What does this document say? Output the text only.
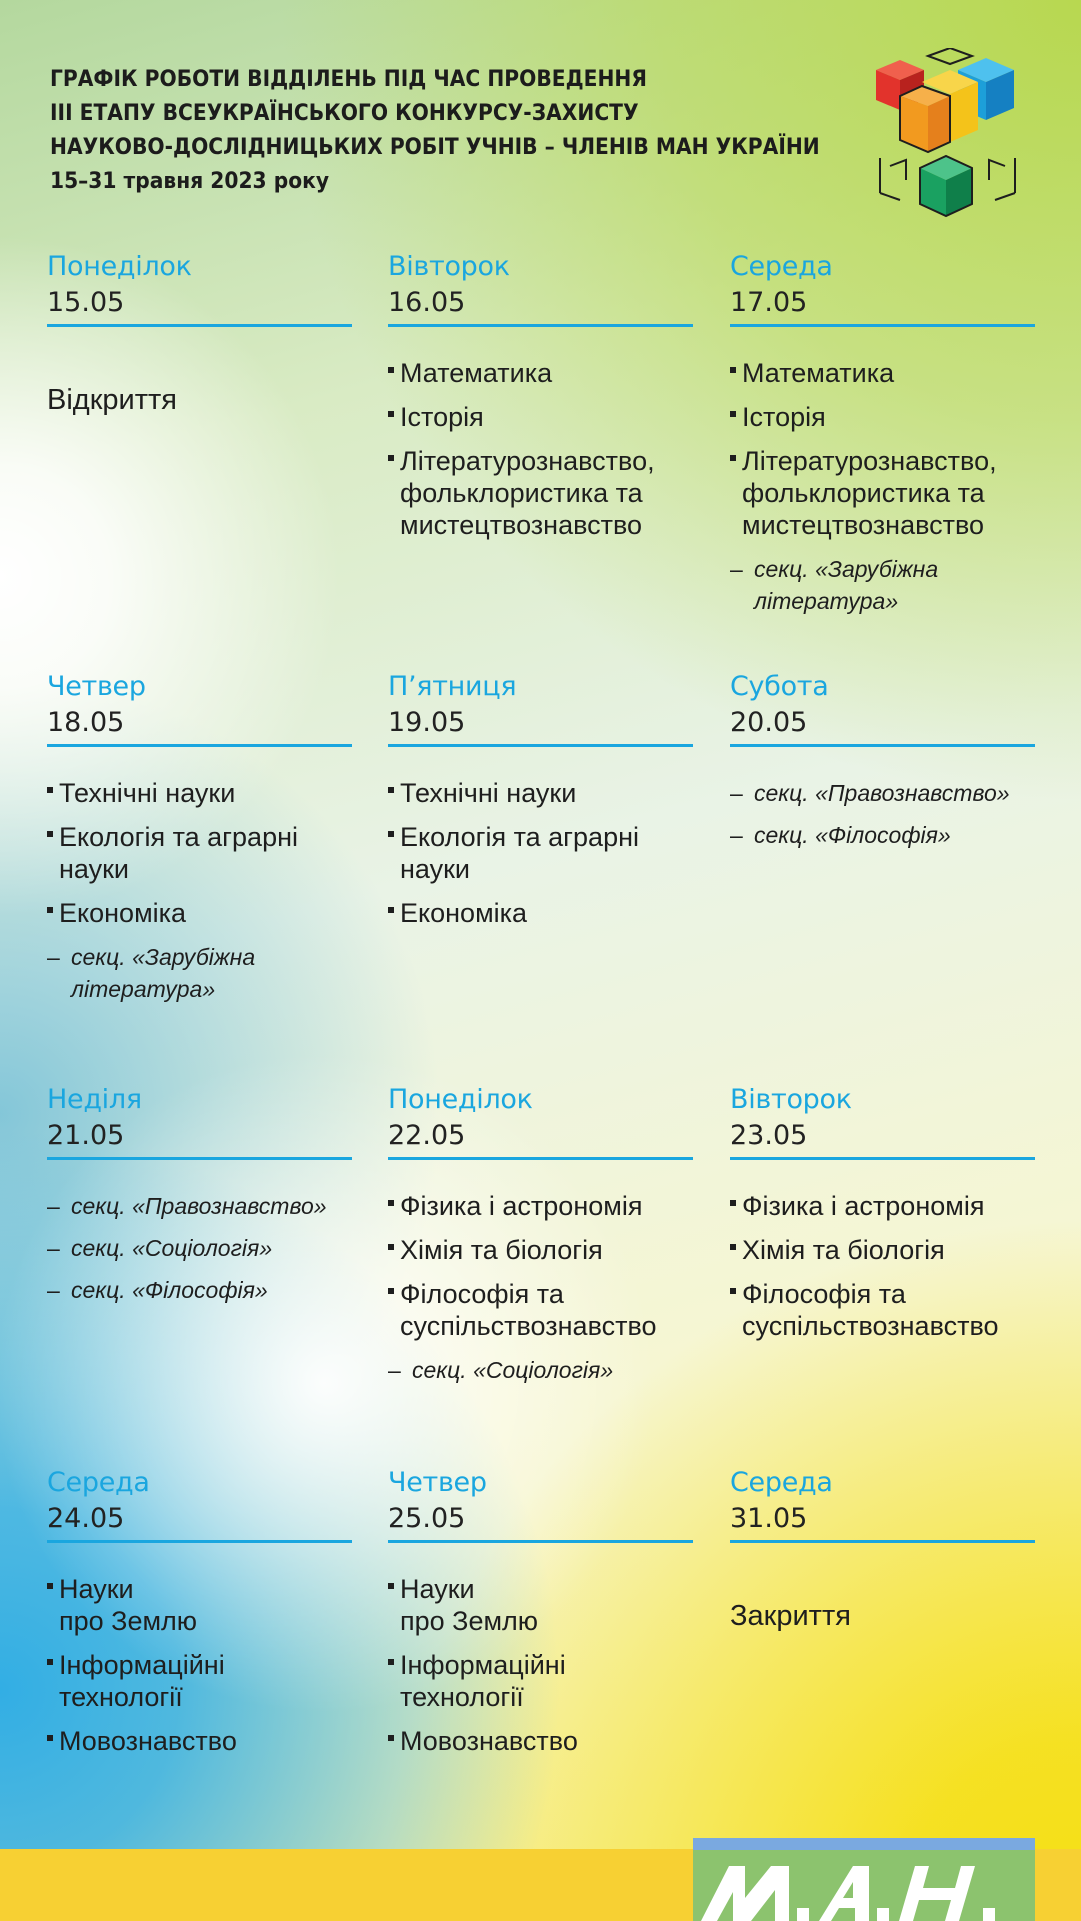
ГРАФІК РОБОТИ ВІДДІЛЕНЬ ПІД ЧАС ПРОВЕДЕННЯ
ІІІ ЕТАПУ ВСЕУКРАЇНСЬКОГО КОНКУРСУ-ЗАХИСТУ
НАУКОВО-ДОСЛІДНИЦЬКИХ РОБІТ УЧНІВ – ЧЛЕНІВ МАН УКРАЇНИ
15–31 травня 2023 року
Понеділок
15.05
Відкриття
Вівторок
16.05
Математика
Історія
Літературознавство,
фольклористика та
мистецтвознавство
Середа
17.05
Математика
Історія
Літературознавство,
фольклористика та
мистецтвознавство
– секц. «Зарубіжна
література»
Четвер
18.05
Технічні науки
Екологія та аграрні
науки
Економіка
– секц. «Зарубіжна
література»
П’ятниця
19.05
Технічні науки
Екологія та аграрні
науки
Економіка
Субота
20.05
– секц. «Правознавство»
– секц. «Філософія»
Неділя
21.05
– секц. «Правознавство»
– секц. «Соціологія»
– секц. «Філософія»
Понеділок
22.05
Фізика і астрономія
Хімія та біологія
Філософія та
суспільствознавство
– секц. «Соціологія»
Вівторок
23.05
Фізика і астрономія
Хімія та біологія
Філософія та
суспільствознавство
Середа
24.05
Науки
про Землю
Інформаційні
технології
Мовознавство
Четвер
25.05
Науки
про Землю
Інформаційні
технології
Мовознавство
Середа
31.05
Закриття
